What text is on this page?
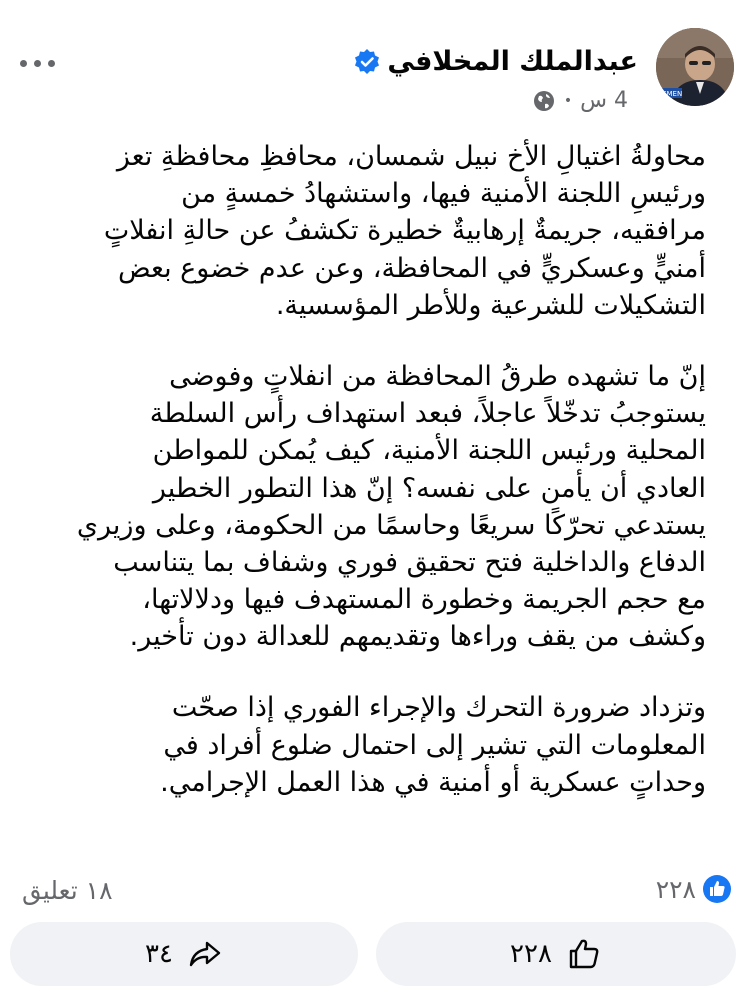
YEMEN
عبدالملك المخلافي
4 س
•
محاولةُ اغتيالِ الأخ نبيل شمسان، محافظِ محافظةِ تعز
ورئيسِ اللجنة الأمنية فيها، واستشهادُ خمسةٍ من
مرافقيه، جريمةٌ إرهابيةٌ خطيرة تكشفُ عن حالةِ انفلاتٍ
أمنيٍّ وعسكريٍّ في المحافظة، وعن عدم خضوع بعض
التشكيلات للشرعية وللأطر المؤسسية.
إنّ ما تشهده طرقُ المحافظة من انفلاتٍ وفوضى
يستوجبُ تدخّلاً عاجلاً، فبعد استهداف رأس السلطة
المحلية ورئيس اللجنة الأمنية، كيف يُمكن للمواطن
العادي أن يأمن على نفسه؟ إنّ هذا التطور الخطير
يستدعي تحرّكًا سريعًا وحاسمًا من الحكومة، وعلى وزيري
الدفاع والداخلية فتح تحقيق فوري وشفاف بما يتناسب
مع حجم الجريمة وخطورة المستهدف فيها ودلالاتها،
وكشف من يقف وراءها وتقديمهم للعدالة دون تأخير.
وتزداد ضرورة التحرك والإجراء الفوري إذا صحّت
المعلومات التي تشير إلى احتمال ضلوع أفراد في
وحداتٍ عسكرية أو أمنية في هذا العمل الإجرامي.
٢٢٨
١٨ تعليق
٢٢٨
٣٤
